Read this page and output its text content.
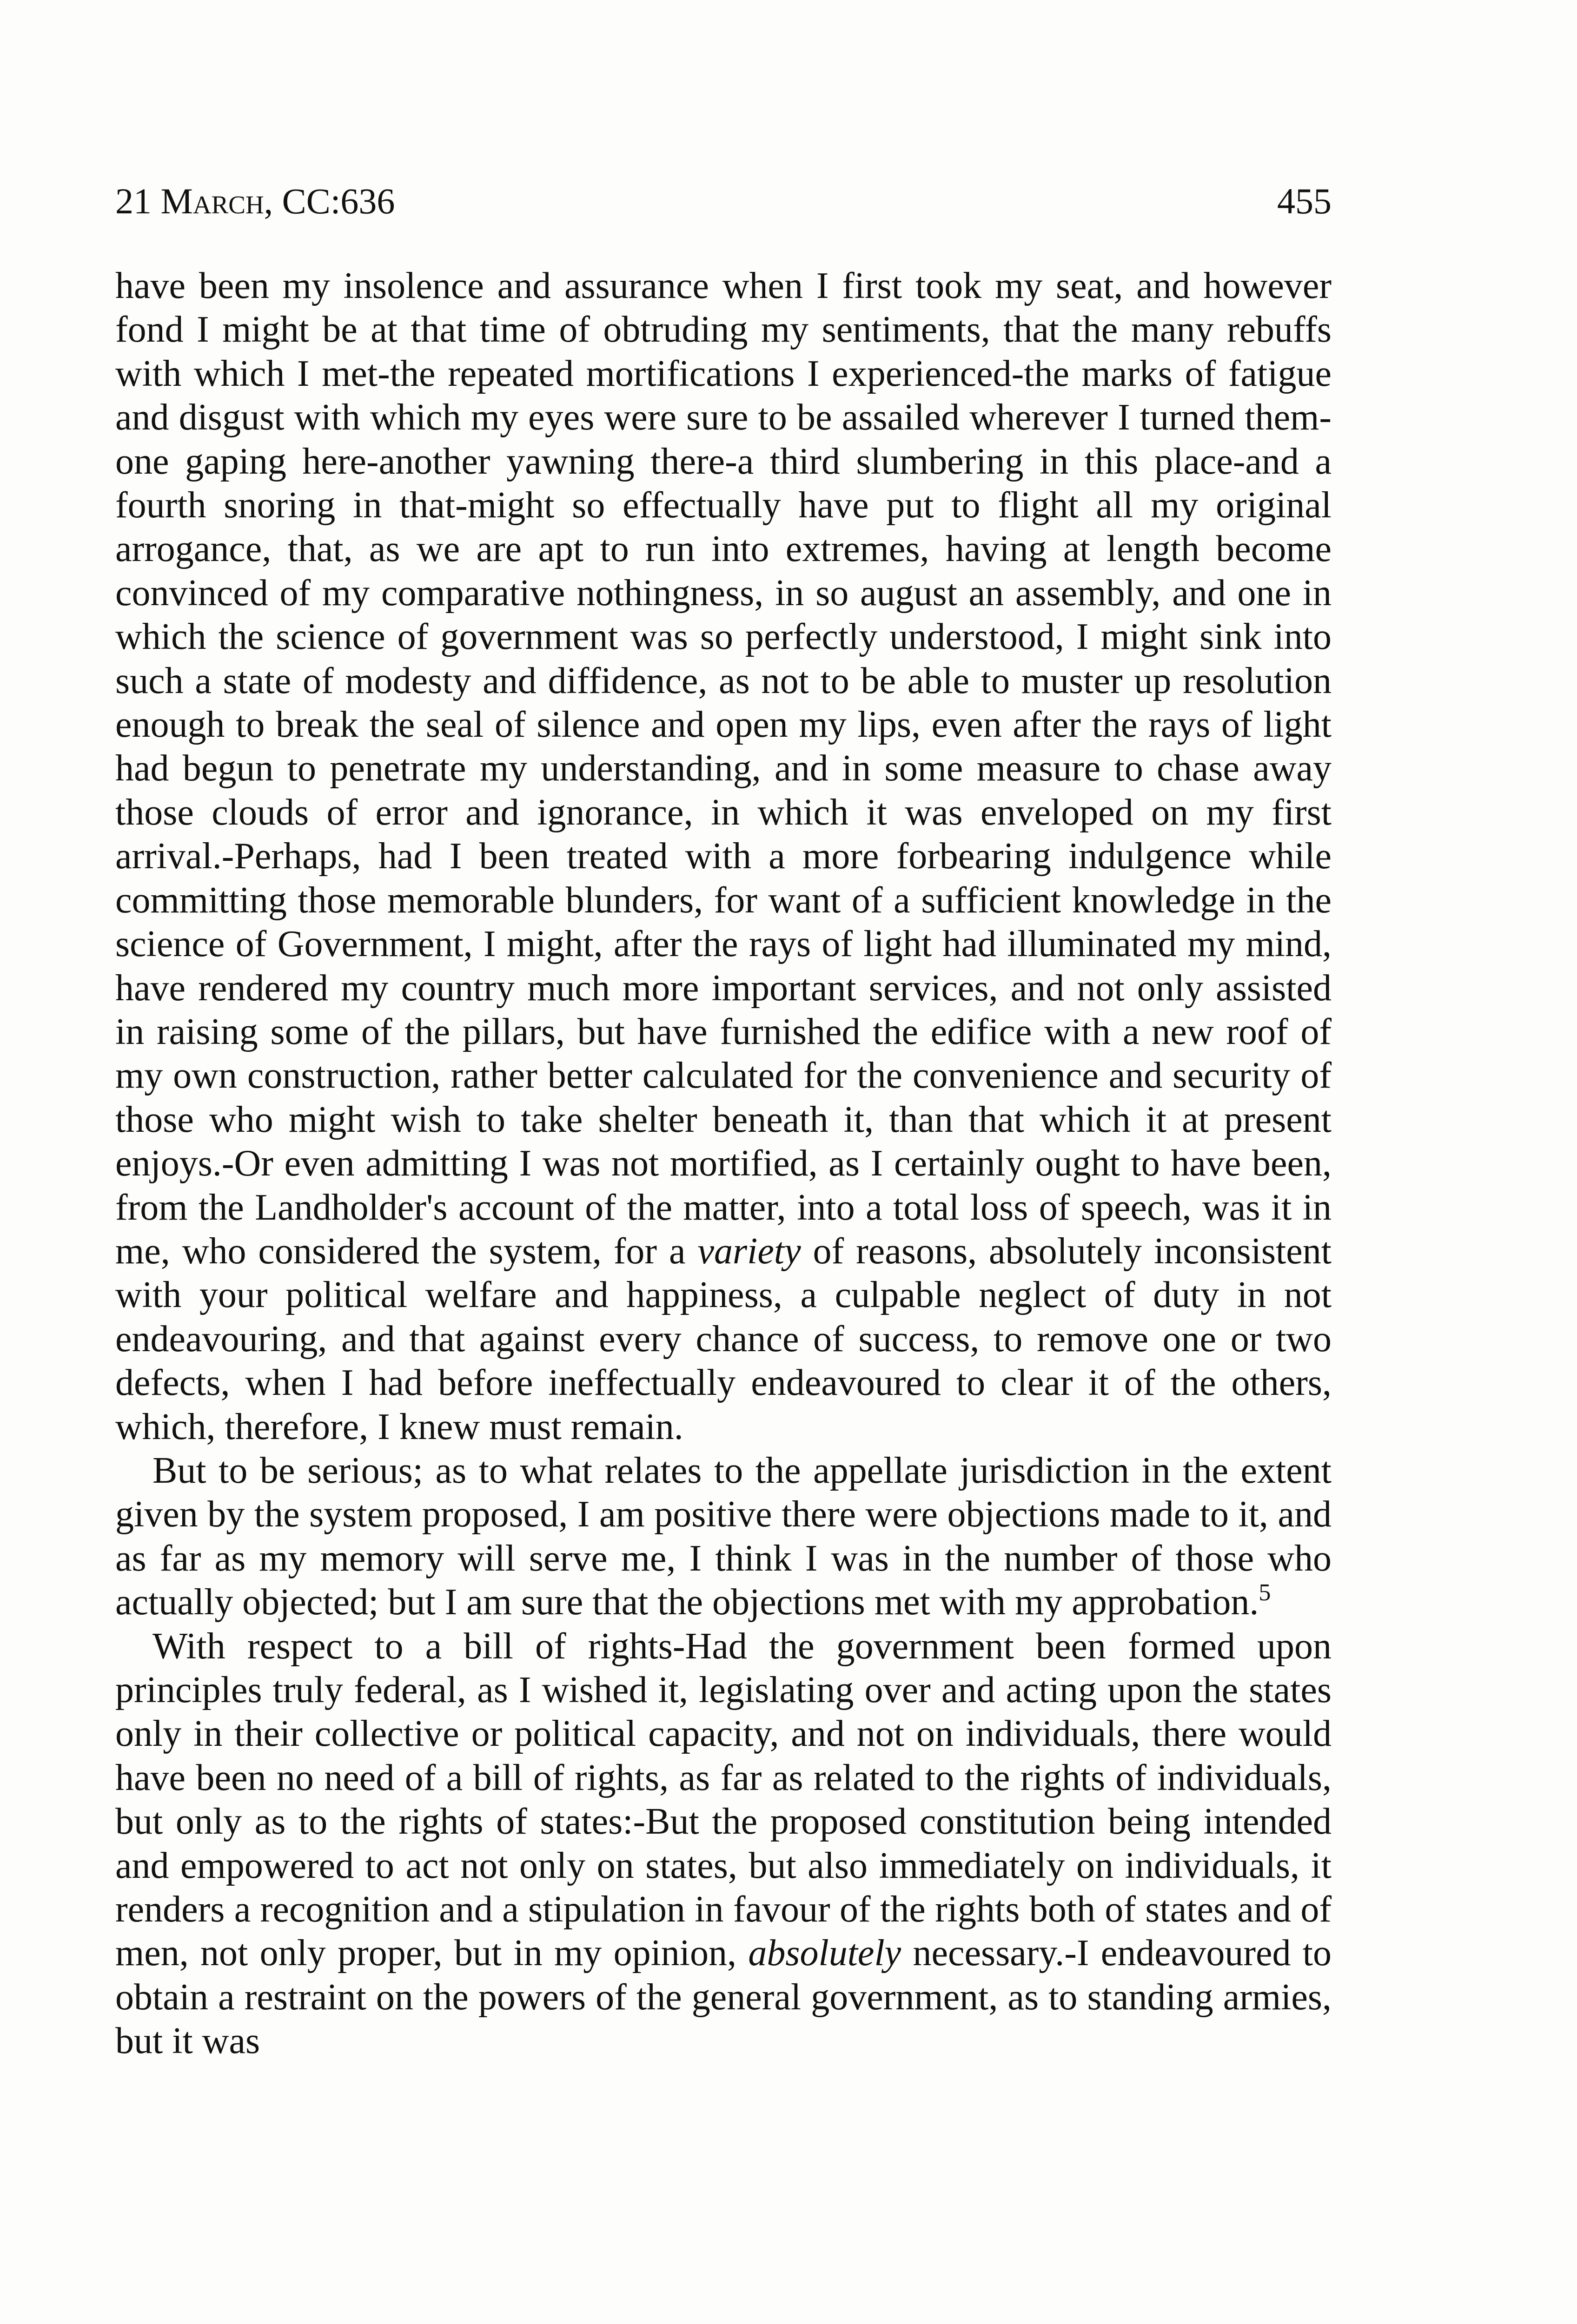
21 March, CC:636	455

have been my insolence and assurance when I first took my seat, and however fond I might be at that time of obtruding my sentiments, that the many rebuffs with which I met-the repeated mortifications I experienced-the marks of fatigue and disgust with which my eyes were sure to be assailed wherever I turned them-one gaping here-another yawning there-a third slumbering in this place-and a fourth snoring in that-might so effectually have put to flight all my original arrogance, that, as we are apt to run into extremes, having at length become convinced of my comparative nothingness, in so august an assembly, and one in which the science of government was so perfectly understood, I might sink into such a state of modesty and diffidence, as not to be able to muster up resolution enough to break the seal of silence and open my lips, even after the rays of light had begun to penetrate my understanding, and in some measure to chase away those clouds of error and ignorance, in which it was enveloped on my first arrival.-Perhaps, had I been treated with a more forbearing indulgence while committing those memorable blunders, for want of a sufficient knowledge in the science of Government, I might, after the rays of light had illuminated my mind, have rendered my country much more important services, and not only assisted in raising some of the pillars, but have furnished the edifice with a new roof of my own construction, rather better calculated for the convenience and security of those who might wish to take shelter beneath it, than that which it at present enjoys.-Or even admitting I was not mortified, as I certainly ought to have been, from the Landholder's account of the matter, into a total loss of speech, was it in me, who considered the system, for a variety of reasons, absolutely inconsistent with your political welfare and happiness, a culpable neglect of duty in not endeavouring, and that against every chance of success, to remove one or two defects, when I had before ineffectually endeavoured to clear it of the others, which, therefore, I knew must remain.

But to be serious; as to what relates to the appellate jurisdiction in the extent given by the system proposed, I am positive there were objections made to it, and as far as my memory will serve me, I think I was in the number of those who actually objected; but I am sure that the objections met with my approbation.$^5$

With respect to a bill of rights-Had the government been formed upon principles truly federal, as I wished it, legislating over and acting upon the states only in their collective or political capacity, and not on individuals, there would have been no need of a bill of rights, as far as related to the rights of individuals, but only as to the rights of states:-But the proposed constitution being intended and empowered to act not only on states, but also immediately on individuals, it renders a recognition and a stipulation in favour of the rights both of states and of men, not only proper, but in my opinion, absolutely necessary.-I endeavoured to obtain a restraint on the powers of the general government, as to standing armies, but it was
